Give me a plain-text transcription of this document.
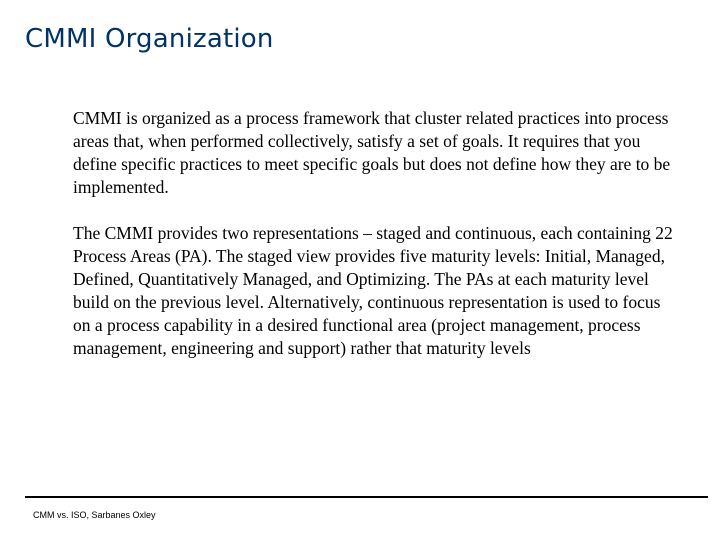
CMMI Organization

CMMI is organized as a process framework that cluster related practices into process areas that, when performed collectively, satisfy a set of goals. It requires that you define specific practices to meet specific goals but does not define how they are to be implemented.

The CMMI provides two representations – staged and continuous, each containing 22 Process Areas (PA). The staged view provides five maturity levels: Initial, Managed, Defined, Quantitatively Managed, and Optimizing. The PAs at each maturity level build on the previous level. Alternatively, continuous representation is used to focus on a process capability in a desired functional area (project management, process management, engineering and support) rather that maturity levels

CMM vs. ISO, Sarbanes Oxley
